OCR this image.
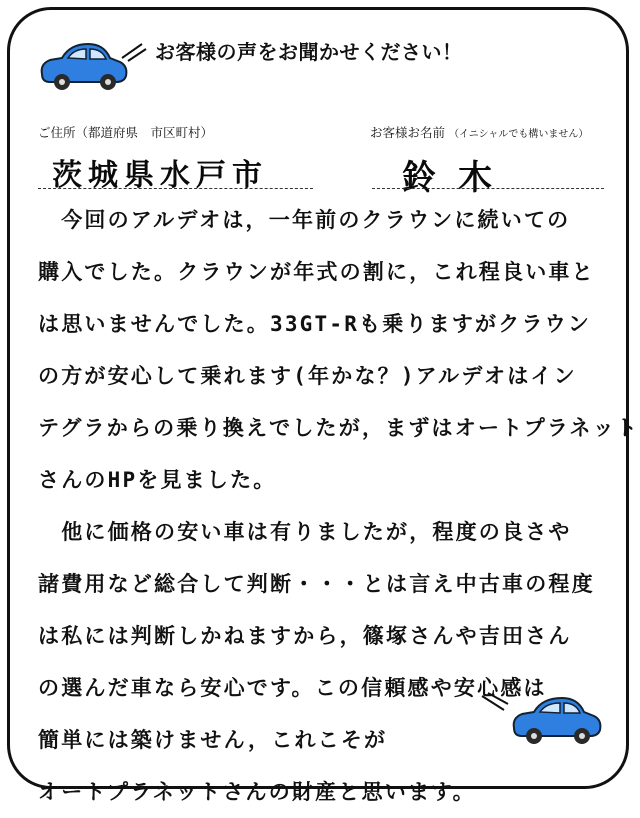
お客様の声をお聞かせください！
ご住所（都道府県　市区町村）	お客様お名前 （イニシャルでも構いません）
茨城県水戸市	鈴木
　今回のアルデオは，一年前のクラウンに続いての
購入でした。クラウンが年式の割に，これ程良い車と
は思いませんでした。33GT-Rも乗りますがクラウン
の方が安心して乗れます(年かな？)アルデオはイン
テグラからの乗り換えでしたが，まずはオートプラネット
さんのHPを見ました。
　他に価格の安い車は有りましたが，程度の良さや
諸費用など総合して判断・・・とは言え中古車の程度
は私には判断しかねますから，篠塚さんや吉田さん
の選んだ車なら安心です。この信頼感や安心感は
簡単には築けません，これこそが
オートプラネットさんの財産と思います。
